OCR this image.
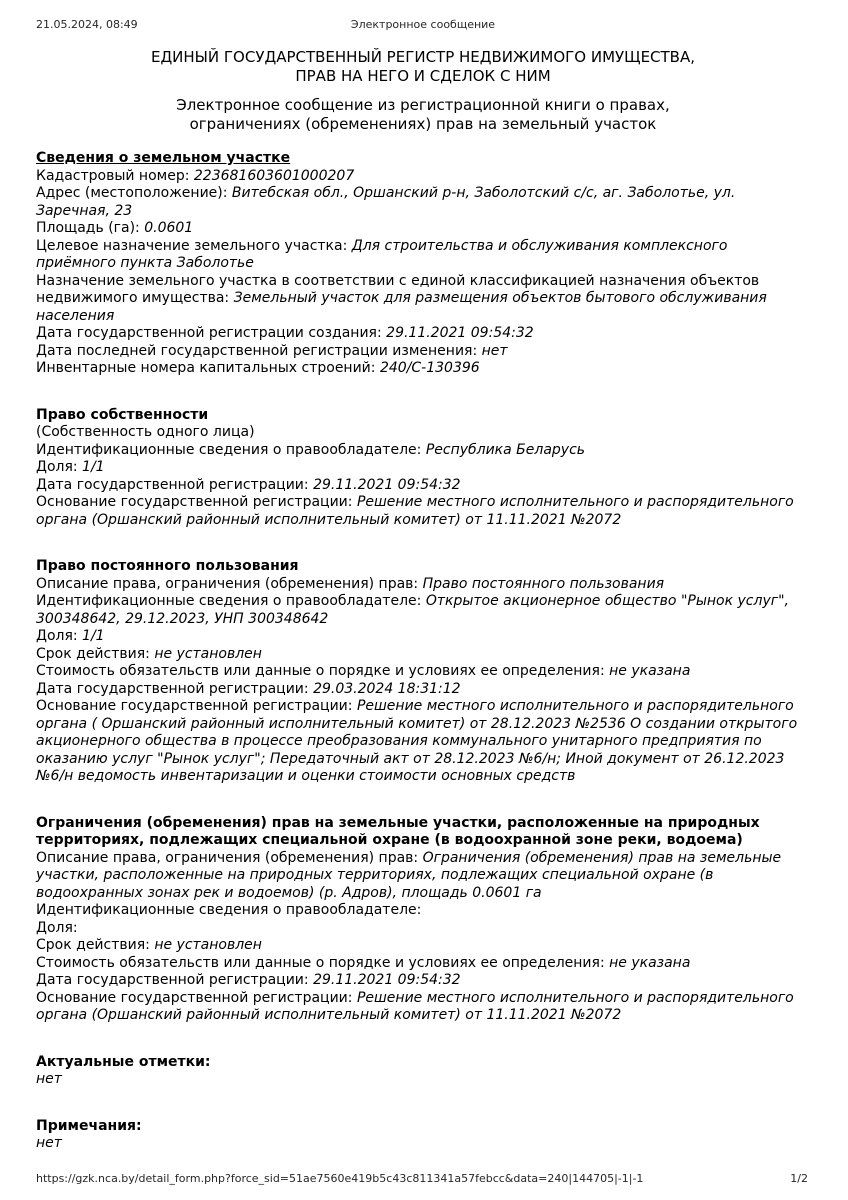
21.05.2024, 08:49	Электронное сообщение

ЕДИНЫЙ ГОСУДАРСТВЕННЫЙ РЕГИСТР НЕДВИЖИМОГО ИМУЩЕСТВА,

ПРАВ НА НЕГО И СДЕЛОК С НИМ

Электронное сообщение из регистрационной книги о правах,

ограничениях (обременениях) прав на земельный участок

Сведения о земельном участке

Кадастровый номер: 223681603601000207

Адрес (местоположение): Витебская обл., Оршанский р-н, Заболотский с/с, аг. Заболотье, ул. Заречная, 23

Площадь (га): 0.0601

Целевое назначение земельного участка: Для строительства и обслуживания комплексного приёмного пункта Заболотье

Назначение земельного участка в соответствии с единой классификацией назначения объектов недвижимого имущества: Земельный участок для размещения объектов бытового обслуживания населения

Дата государственной регистрации создания: 29.11.2021 09:54:32

Дата последней государственной регистрации изменения: нет

Инвентарные номера капитальных строений: 240/С-130396

Право собственности

(Собственность одного лица)

Идентификационные сведения о правообладателе: Республика Беларусь

Доля: 1/1

Дата государственной регистрации: 29.11.2021 09:54:32

Основание государственной регистрации: Решение местного исполнительного и распорядительного органа (Оршанский районный исполнительный комитет) от 11.11.2021 №2072

Право постоянного пользования

Описание права, ограничения (обременения) прав: Право постоянного пользования

Идентификационные сведения о правообладателе: Открытое акционерное общество "Рынок услуг", 300348642, 29.12.2023, УНП 300348642

Доля: 1/1

Срок действия: не установлен

Стоимость обязательств или данные о порядке и условиях ее определения: не указана

Дата государственной регистрации: 29.03.2024 18:31:12

Основание государственной регистрации: Решение местного исполнительного и распорядительного органа ( Оршанский районный исполнительный комитет) от 28.12.2023 №2536 О создании открытого акционерного общества в процессе преобразования коммунального унитарного предприятия по оказанию услуг "Рынок услуг"; Передаточный акт от 28.12.2023 №6/н; Иной документ от 26.12.2023 №6/н ведомость инвентаризации и оценки стоимости основных средств

Ограничения (обременения) прав на земельные участки, расположенные на природных территориях, подлежащих специальной охране (в водоохранной зоне реки, водоема)

Описание права, ограничения (обременения) прав: Ограничения (обременения) прав на земельные участки, расположенные на природных территориях, подлежащих специальной охране (в водоохранных зонах рек и водоемов) (р. Адров), площадь 0.0601 га

Идентификационные сведения о правообладателе:

Доля:

Срок действия: не установлен

Стоимость обязательств или данные о порядке и условиях ее определения: не указана

Дата государственной регистрации: 29.11.2021 09:54:32

Основание государственной регистрации: Решение местного исполнительного и распорядительного органа (Оршанский районный исполнительный комитет) от 11.11.2021 №2072

Актуальные отметки:

нет

Примечания:

нет

https://gzk.nca.by/detail_form.php?force_sid=51ae7560e419b5c43c811341a57febcc&data=240|144705|-1|-1	1/2
